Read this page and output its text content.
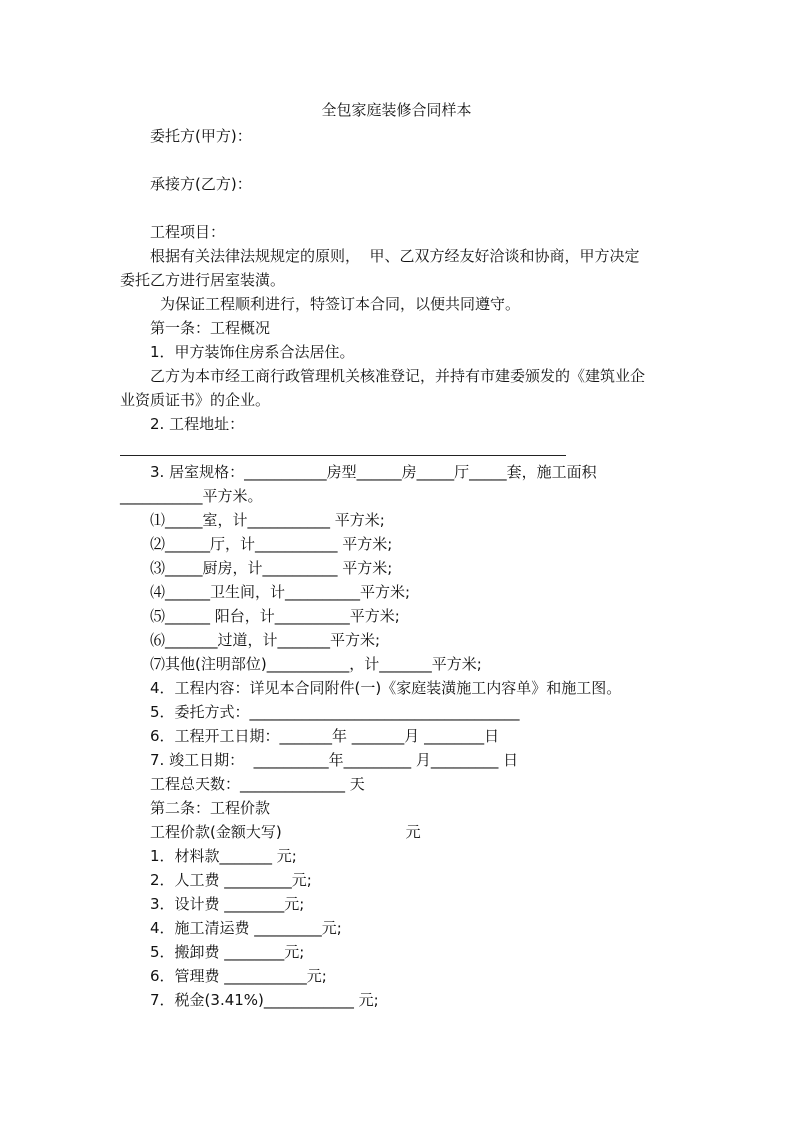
全包家庭装修合同样本
委托方(甲方)：
承接方(乙方)：
工程项目：
根据有关法律法规规定的原则，  甲、乙双方经友好洽谈和协商，甲方决定
委托乙方进行居室装潢。
为保证工程顺利进行，特签订本合同，以便共同遵守。
第一条：工程概况
1．甲方装饰住房系合法居住。
乙方为本市经工商行政管理机关核准登记，并持有市建委颁发的《建筑业企
业资质证书》的企业。
2. 工程地址：
3. 居室规格：___________房型______房_____厅_____套，施工面积
___________平方米。
⑴_____室，计___________ 平方米;
⑵______厅，计___________ 平方米;
⑶_____厨房，计__________ 平方米;
⑷______卫生间，计__________平方米;
⑸______ 阳台，计__________平方米;
⑹_______过道，计_______平方米;
⑺其他(注明部位)___________，计_______平方米;
4．工程内容：详见本合同附件(一)《家庭装潢施工内容单》和施工图。
5．委托方式：____________________________________
6．工程开工日期：_______年 _______月 ________日
7. 竣工日期：  __________年_________ 月_________ 日
工程总天数：______________ 天
第二条：工程价款
工程价款(金额大写)                          元
1．材料款_______ 元;
2．人工费 _________元;
3．设计费 ________元;
4．施工清运费 _________元;
5．搬卸费 ________元;
6．管理费 ___________元;
7．税金(3.41%)____________ 元;
